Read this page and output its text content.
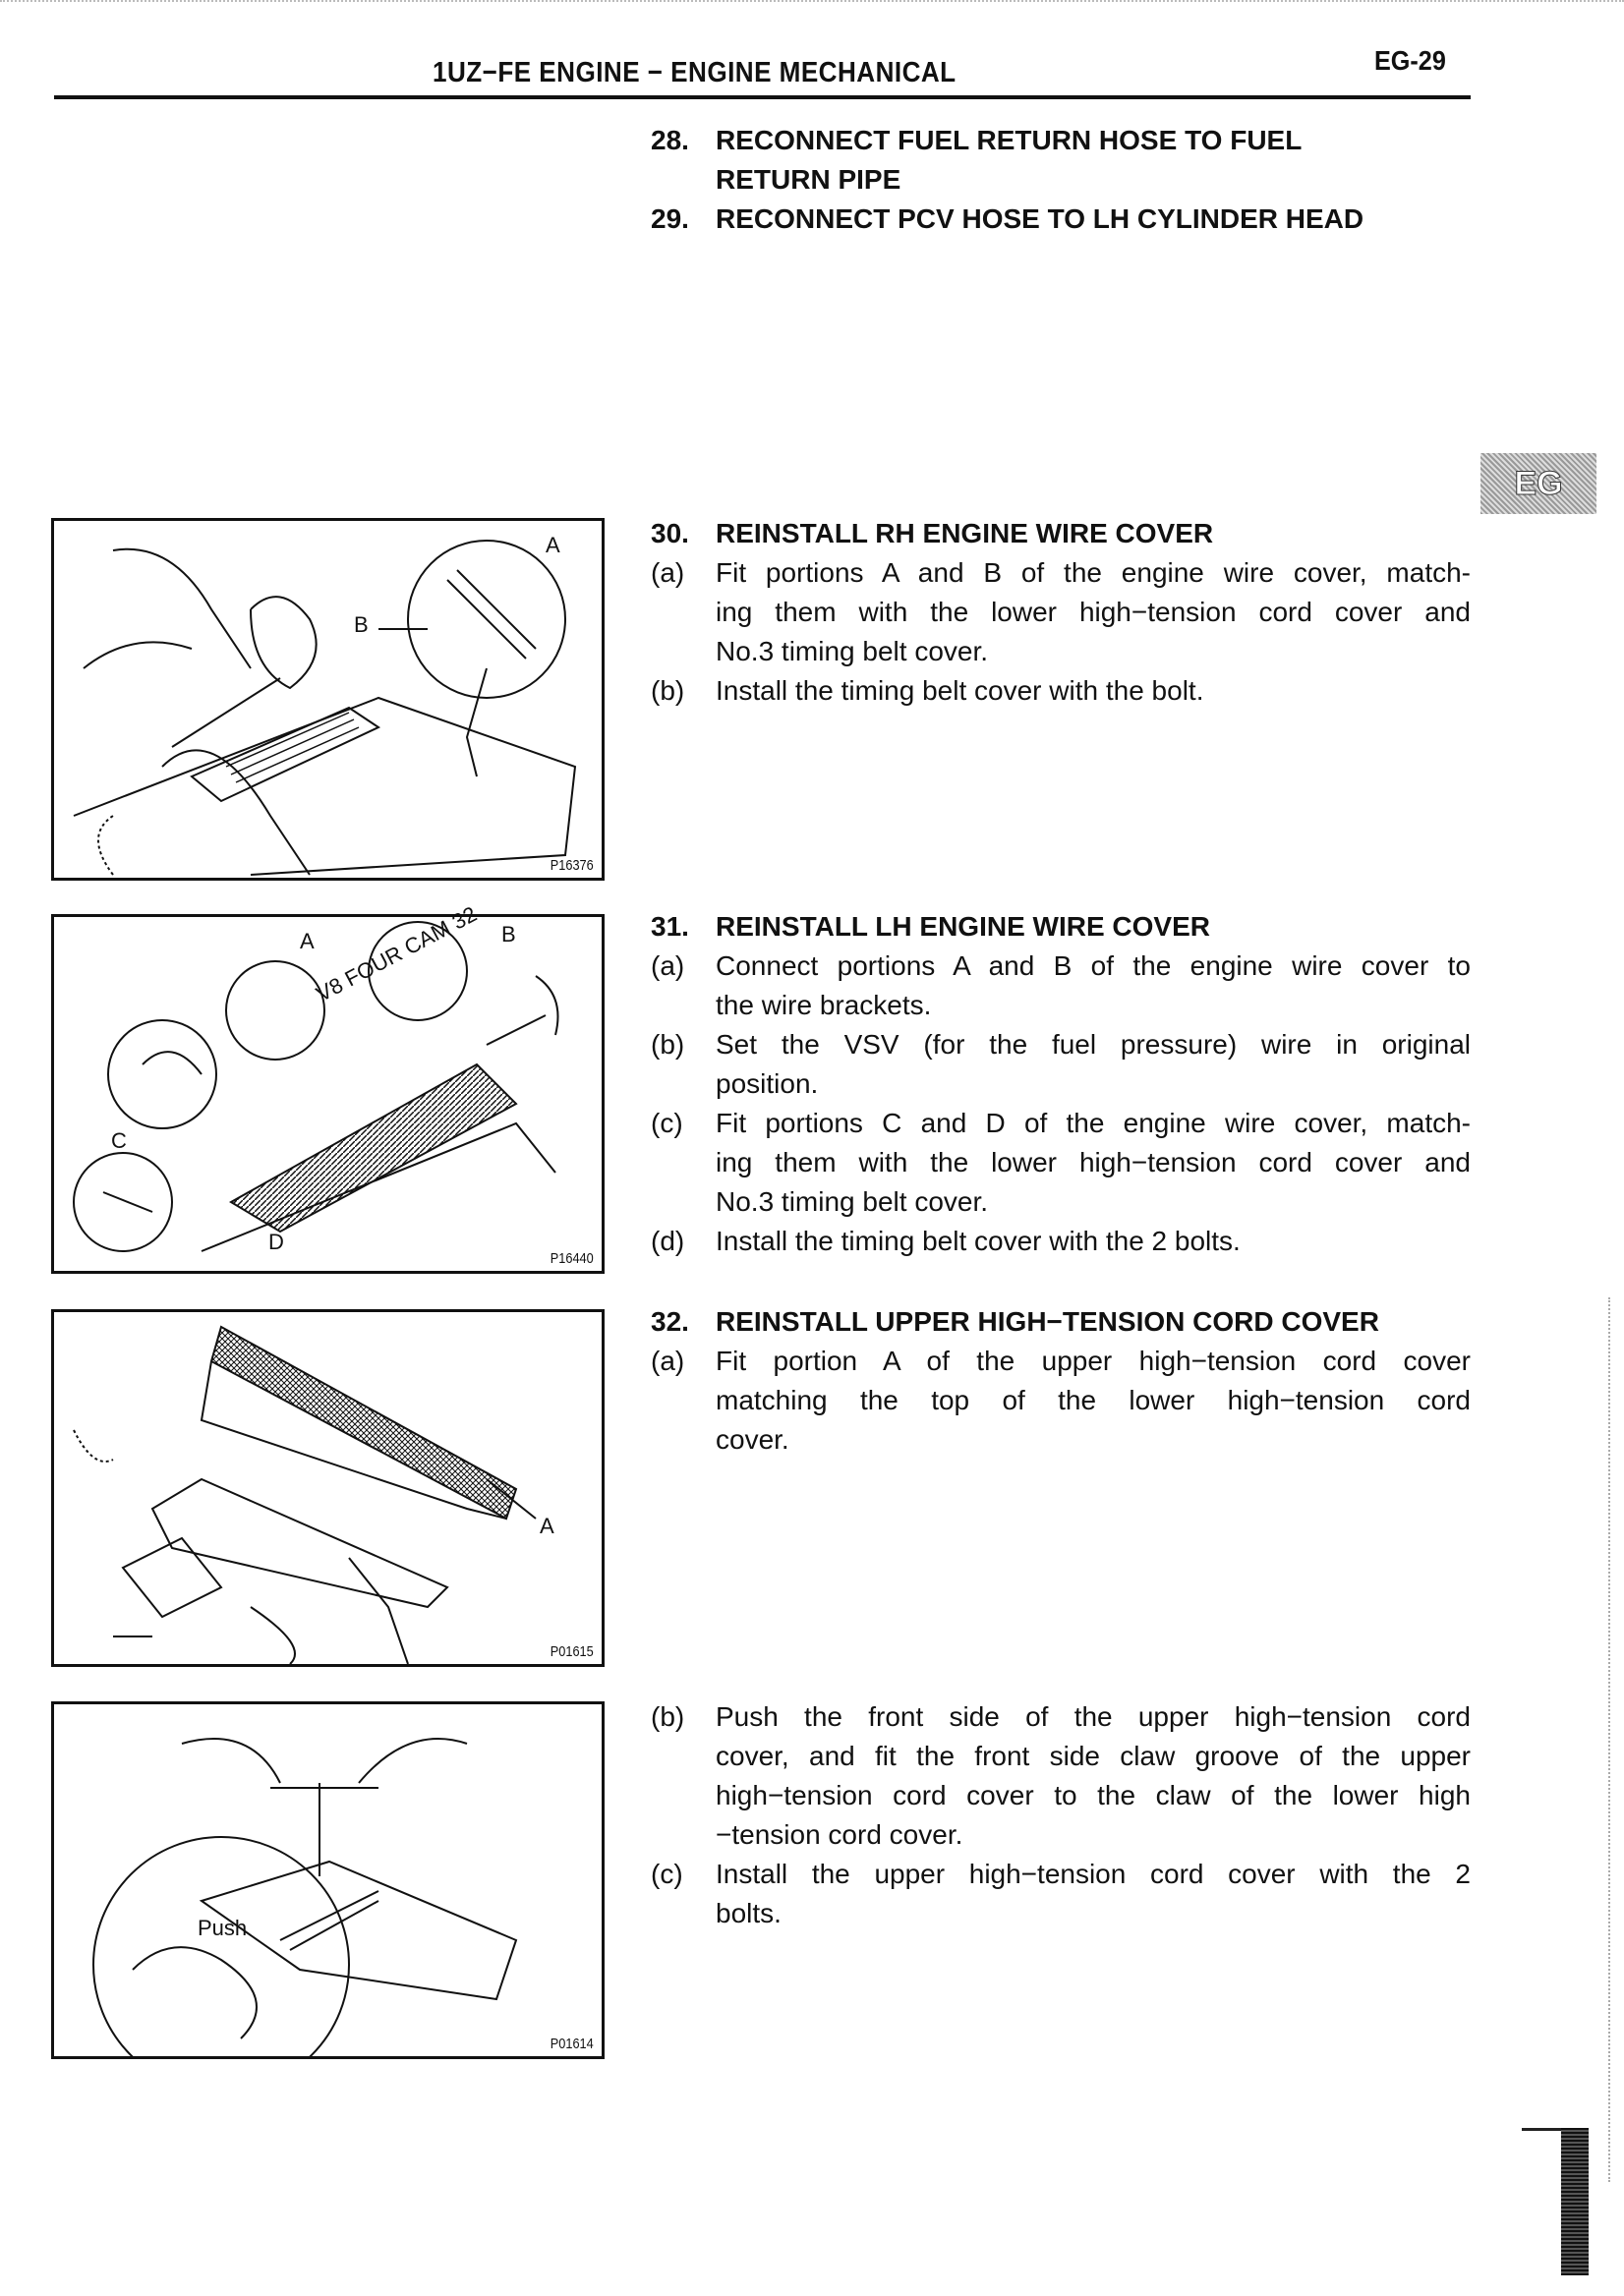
1UZ−FE ENGINE − ENGINE MECHANICAL	EG-29
EG
28. RECONNECT FUEL RETURN HOSE TO FUEL
RETURN PIPE
29. RECONNECT PCV HOSE TO LH CYLINDER HEAD
30. REINSTALL RH ENGINE WIRE COVER
(a) Fit portions A and B of the engine wire cover, match-
ing them with the lower high−tension cord cover and
No.3 timing belt cover.
(b) Install the timing belt cover with the bolt.
31. REINSTALL LH ENGINE WIRE COVER
(a) Connect portions A and B of the engine wire cover to
the wire brackets.
(b) Set the VSV (for the fuel pressure) wire in original
position.
(c) Fit portions C and D of the engine wire cover, match-
ing them with the lower high−tension cord cover and
No.3 timing belt cover.
(d) Install the timing belt cover with the 2 bolts.
32. REINSTALL UPPER HIGH−TENSION CORD COVER
(a) Fit portion A of the upper high−tension cord cover
matching the top of the lower high−tension cord
cover.
(b) Push the front side of the upper high−tension cord
cover, and fit the front side claw groove of the upper
high−tension cord cover to the claw of the lower high
−tension cord cover.
(c) Install the upper high−tension cord cover with the 2
bolts.
A
B
P16376
V8 FOUR CAM 32
A	B
C
D
P16440
A
P01615
Push
P01614
